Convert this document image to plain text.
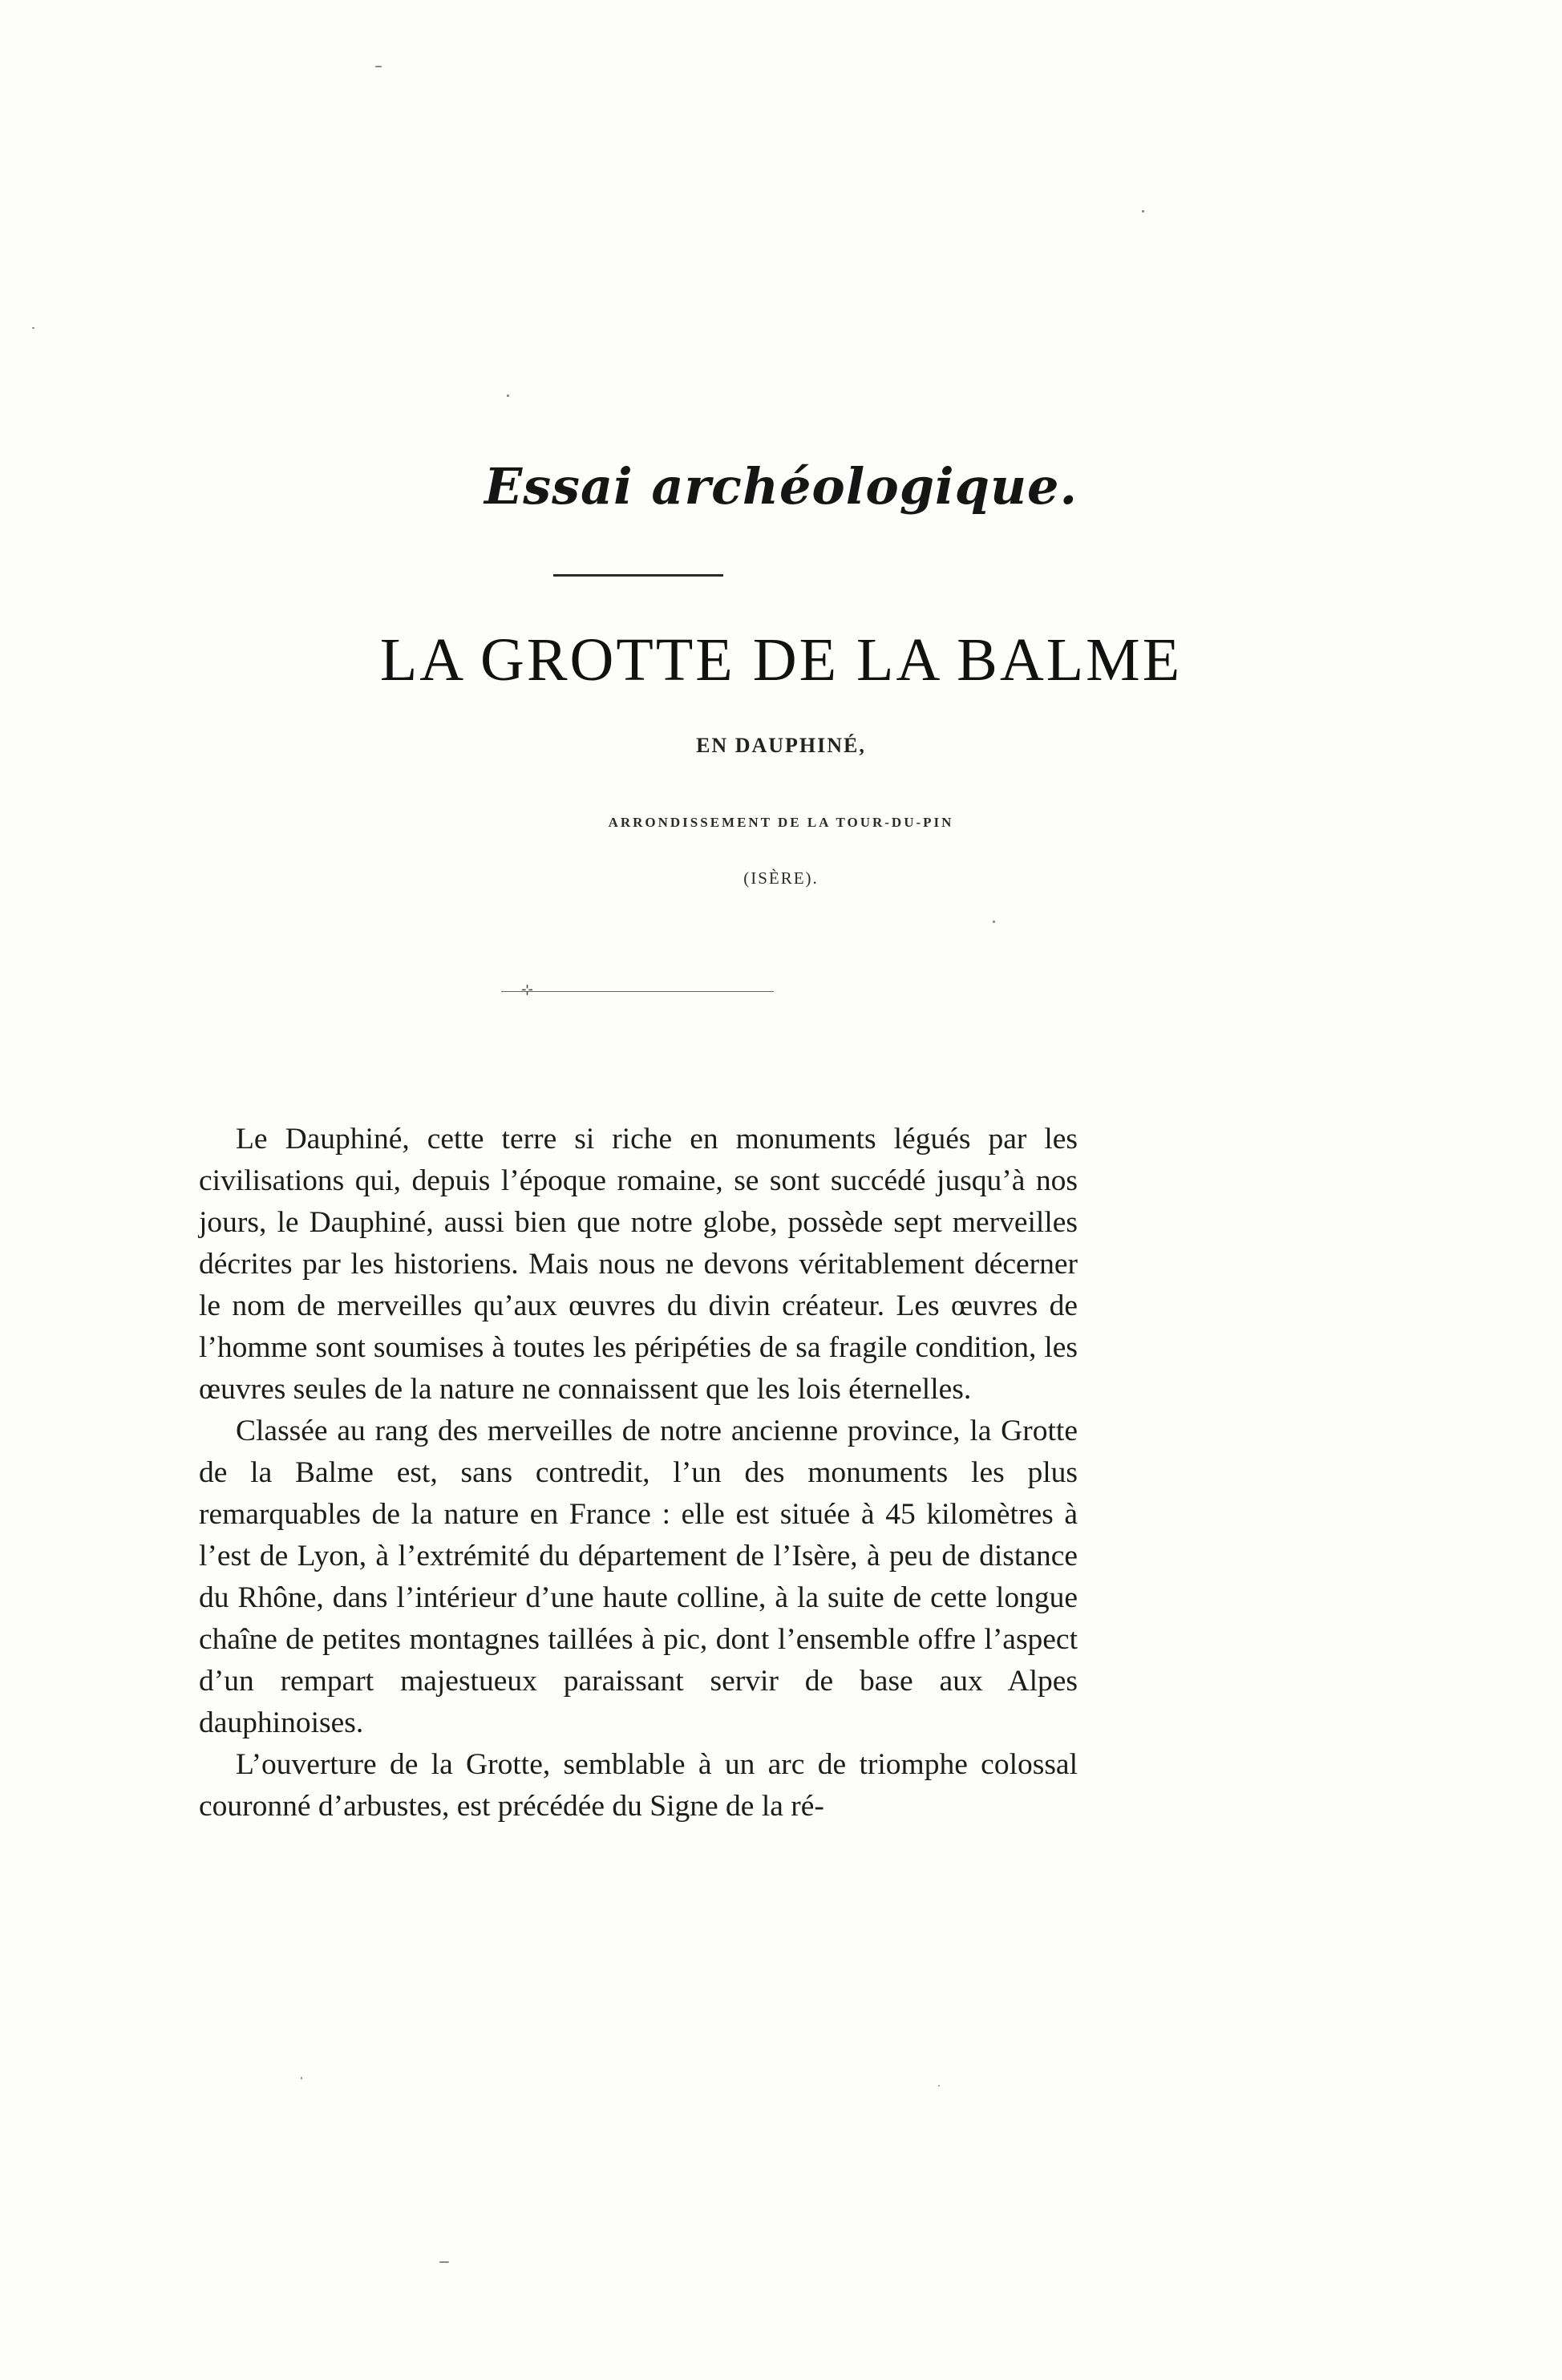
Essai archéologique.
LA GROTTE DE LA BALME
EN DAUPHINÉ,
ARRONDISSEMENT DE LA TOUR-DU-PIN
(ISÈRE).
⊹

Le Dauphiné, cette terre si riche en monuments légués par les civilisations qui, depuis l’époque romaine, se sont succédé jusqu’à nos jours, le Dauphiné, aussi bien que notre globe, possède sept merveilles décrites par les historiens. Mais nous ne devons véritablement décerner le nom de merveilles qu’aux œuvres du divin créateur. Les œuvres de l’homme sont soumises à toutes les péripéties de sa fragile condition, les œuvres seules de la nature ne connaissent que les lois éternelles.

Classée au rang des merveilles de notre ancienne province, la Grotte de la Balme est, sans contredit, l’un des monuments les plus remarquables de la nature en France : elle est située à 45 kilomètres à l’est de Lyon, à l’extrémité du département de l’Isère, à peu de distance du Rhône, dans l’intérieur d’une haute colline, à la suite de cette longue chaîne de petites montagnes taillées à pic, dont l’ensemble offre l’aspect d’un rempart majestueux paraissant servir de base aux Alpes dauphinoises.

L’ouverture de la Grotte, semblable à un arc de triomphe colossal couronné d’arbustes, est précédée du Signe de la ré-
